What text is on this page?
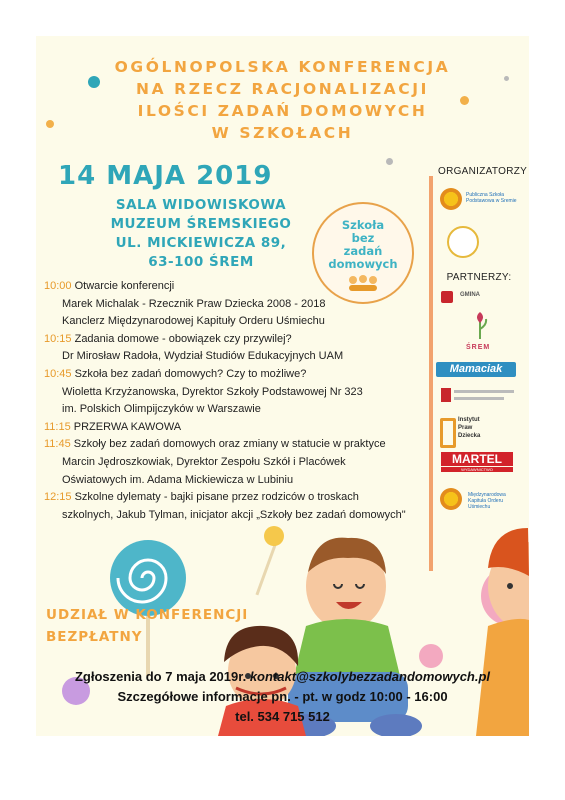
OGÓLNOPOLSKA KONFERENCJA
NA RZECZ RACJONALIZACJI
ILOŚCI ZADAŃ DOMOWYCH
W SZKOŁACH
14 MAJA 2019
SALA WIDOWISKOWA
MUZEUM ŚREMSKIEGO
UL. MICKIEWICZA 89,
63-100 ŚREM
Szkoła
bez
zadań
domowych
10:00 Otwarcie konferencji
Marek Michalak - Rzecznik Praw Dziecka 2008 - 2018
Kanclerz Międzynarodowej Kapituły Orderu Uśmiechu
10:15 Zadania domowe - obowiązek czy przywilej?
Dr Mirosław Radoła, Wydział Studiów Edukacyjnych UAM
10:45 Szkoła bez zadań domowych? Czy to możliwe?
Wioletta Krzyżanowska, Dyrektor Szkoły Podstawowej Nr 323
im. Polskich Olimpijczyków w Warszawie
11:15 PRZERWA KAWOWA
11:45 Szkoły bez zadań domowych oraz zmiany w statucie w praktyce
Marcin Jędroszkowiak, Dyrektor Zespołu Szkół i Placówek
Oświatowych im. Adama Mickiewicza w Lubiniu
12:15 Szkolne dylematy - bajki pisane przez rodziców o troskach
szkolnych, Jakub Tylman, inicjator akcji „Szkoły bez zadań domowych"
ORGANIZATORZY
Publiczna Szkoła Podstawowa w Sremie
PARTNERZY:
GMINA
ŚREM
Mamaciak
Instytut Praw Dziecka
MARTEL
WYDAWNICTWO
Międzynarodowa Kapituła Orderu Uśmiechu
UDZIAŁ W KONFERENCJI
BEZPŁATNY
Zgłoszenia do 7 maja 2019r. kontakt@szkolybezzadandomowych.pl
Szczegółowe informacje pn. - pt. w godz 10:00 - 16:00
tel. 534 715 512
